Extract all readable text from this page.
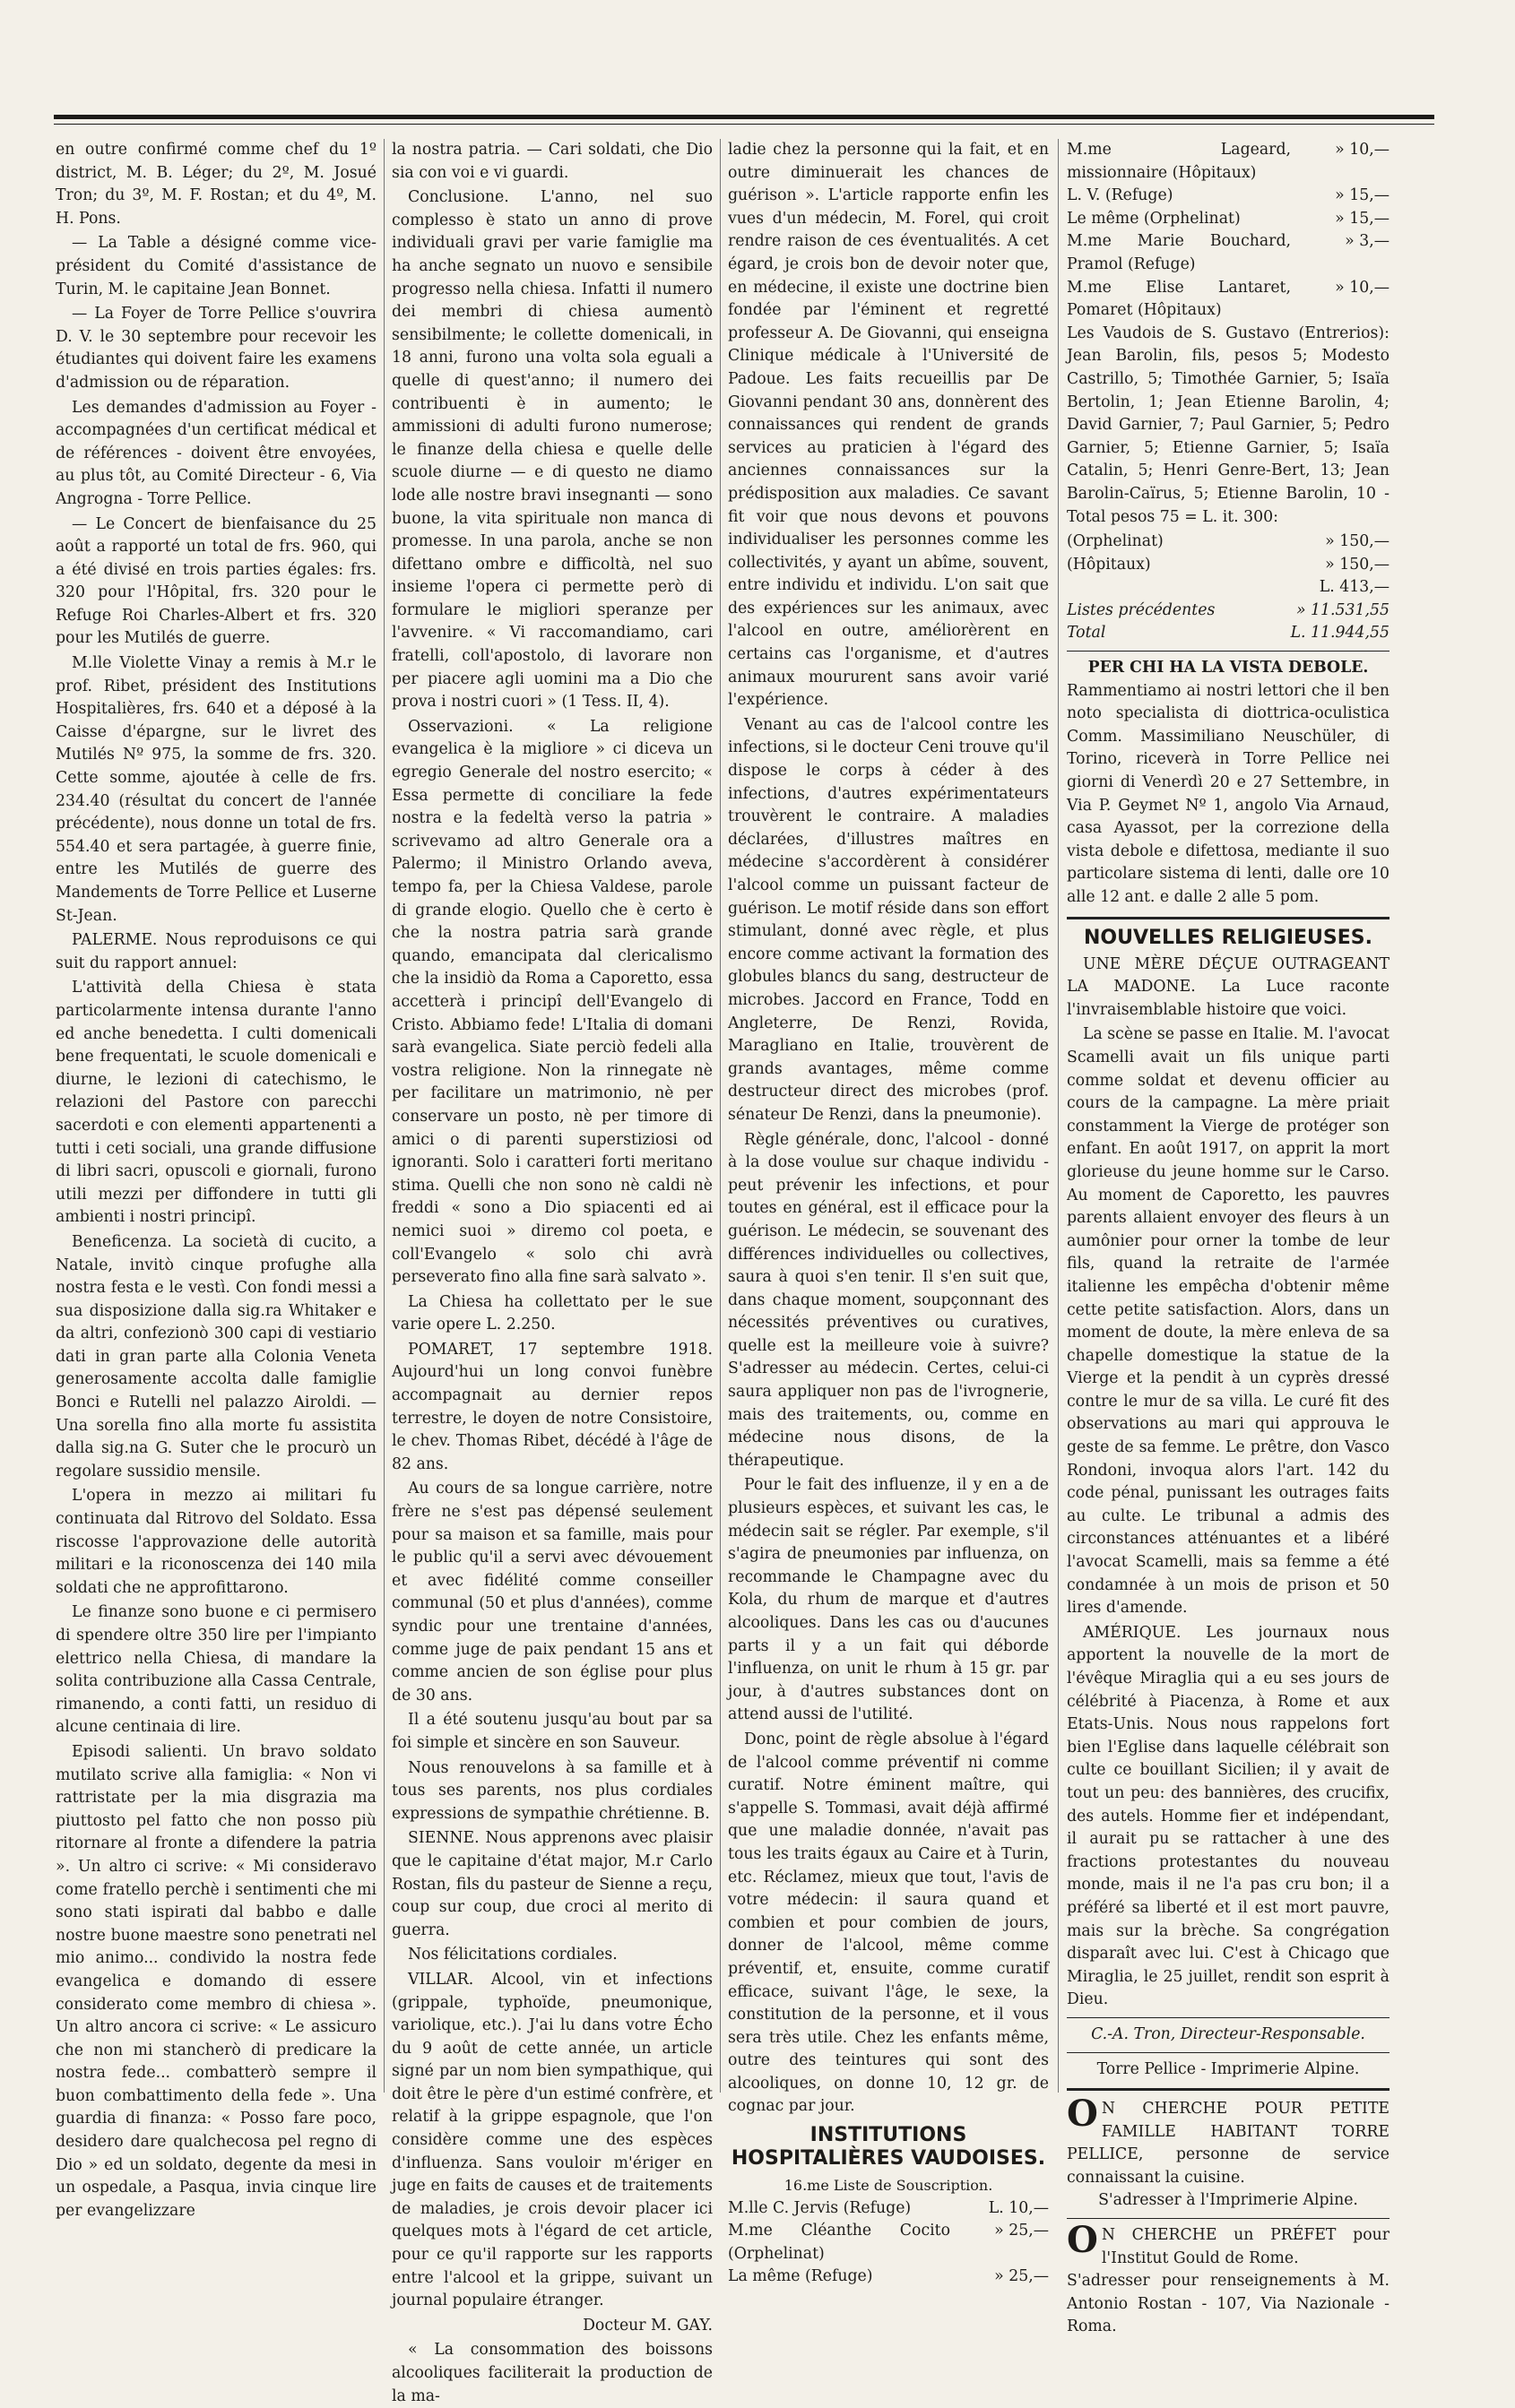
en outre confirmé comme chef du 1º district, M. B. Léger; du 2º, M. Josué Tron; du 3º, M. F. Rostan; et du 4º, M. H. Pons.

— La Table a désigné comme vice-président du Comité d'assistance de Turin, M. le capitaine Jean Bonnet.

— La Foyer de Torre Pellice s'ouvrira D. V. le 30 septembre pour recevoir les étudiantes qui doivent faire les examens d'admission ou de réparation.

Les demandes d'admission au Foyer - accompagnées d'un certificat médical et de références - doivent être envoyées, au plus tôt, au Comité Directeur - 6, Via Angrogna - Torre Pellice.

— Le Concert de bienfaisance du 25 août a rapporté un total de frs. 960, qui a été divisé en trois parties égales: frs. 320 pour l'Hôpital, frs. 320 pour le Refuge Roi Charles-Albert et frs. 320 pour les Mutilés de guerre.

M.lle Violette Vinay a remis à M.r le prof. Ribet, président des Institutions Hospitalières, frs. 640 et a déposé à la Caisse d'épargne, sur le livret des Mutilés Nº 975, la somme de frs. 320. Cette somme, ajoutée à celle de frs. 234.40 (résultat du concert de l'année précédente), nous donne un total de frs. 554.40 et sera partagée, à guerre finie, entre les Mutilés de guerre des Mandements de Torre Pellice et Luserne St-Jean.

PALERME. Nous reproduisons ce qui suit du rapport annuel:

L'attività della Chiesa è stata particolarmente intensa durante l'anno ed anche benedetta. I culti domenicali bene frequentati, le scuole domenicali e diurne, le lezioni di catechismo, le relazioni del Pastore con parecchi sacerdoti e con elementi appartenenti a tutti i ceti sociali, una grande diffusione di libri sacri, opuscoli e giornali, furono utili mezzi per diffondere in tutti gli ambienti i nostri principî.

Beneficenza. La società di cucito, a Natale, invitò cinque profughe alla nostra festa e le vestì. Con fondi messi a sua disposizione dalla sig.ra Whitaker e da altri, confezionò 300 capi di vestiario dati in gran parte alla Colonia Veneta generosamente accolta dalle famiglie Bonci e Rutelli nel palazzo Airoldi. — Una sorella fino alla morte fu assistita dalla sig.na G. Suter che le procurò un regolare sussidio mensile.

L'opera in mezzo ai militari fu continuata dal Ritrovo del Soldato. Essa riscosse l'approvazione delle autorità militari e la riconoscenza dei 140 mila soldati che ne approfittarono.

Le finanze sono buone e ci permisero di spendere oltre 350 lire per l'impianto elettrico nella Chiesa, di mandare la solita contribuzione alla Cassa Centrale, rimanendo, a conti fatti, un residuo di alcune centinaia di lire.

Episodi salienti. Un bravo soldato mutilato scrive alla famiglia: « Non vi rattristate per la mia disgrazia ma piuttosto pel fatto che non posso più ritornare al fronte a difendere la patria ». Un altro ci scrive: « Mi consideravo come fratello perchè i sentimenti che mi sono stati ispirati dal babbo e dalle nostre buone maestre sono penetrati nel mio animo... condivido la nostra fede evangelica e domando di essere considerato come membro di chiesa ». Un altro ancora ci scrive: « Le assicuro che non mi stancherò di predicare la nostra fede... combatterò sempre il buon combattimento della fede ». Una guardia di finanza: « Posso fare poco, desidero dare qualchecosa pel regno di Dio » ed un soldato, degente da mesi in un ospedale, a Pasqua, invia cinque lire per evangelizzare

la nostra patria. — Cari soldati, che Dio sia con voi e vi guardi.

Conclusione. L'anno, nel suo complesso è stato un anno di prove individuali gravi per varie famiglie ma ha anche segnato un nuovo e sensibile progresso nella chiesa. Infatti il numero dei membri di chiesa aumentò sensibilmente; le collette domenicali, in 18 anni, furono una volta sola eguali a quelle di quest'anno; il numero dei contribuenti è in aumento; le ammissioni di adulti furono numerose; le finanze della chiesa e quelle delle scuole diurne — e di questo ne diamo lode alle nostre bravi insegnanti — sono buone, la vita spirituale non manca di promesse. In una parola, anche se non difettano ombre e difficoltà, nel suo insieme l'opera ci permette però di formulare le migliori speranze per l'avvenire. « Vi raccomandiamo, cari fratelli, coll'apostolo, di lavorare non per piacere agli uomini ma a Dio che prova i nostri cuori » (1 Tess. II, 4).

Osservazioni. « La religione evangelica è la migliore » ci diceva un egregio Generale del nostro esercito; « Essa permette di conciliare la fede nostra e la fedeltà verso la patria » scrivevamo ad altro Generale ora a Palermo; il Ministro Orlando aveva, tempo fa, per la Chiesa Valdese, parole di grande elogio. Quello che è certo è che la nostra patria sarà grande quando, emancipata dal clericalismo che la insidiò da Roma a Caporetto, essa accetterà i principî dell'Evangelo di Cristo. Abbiamo fede! L'Italia di domani sarà evangelica. Siate perciò fedeli alla vostra religione. Non la rinnegate nè per facilitare un matrimonio, nè per conservare un posto, nè per timore di amici o di parenti superstiziosi od ignoranti. Solo i caratteri forti meritano stima. Quelli che non sono nè caldi nè freddi « sono a Dio spiacenti ed ai nemici suoi » diremo col poeta, e coll'Evangelo « solo chi avrà perseverato fino alla fine sarà salvato ».

La Chiesa ha collettato per le sue varie opere L. 2.250.

POMARET, 17 septembre 1918. Aujourd'hui un long convoi funèbre accompagnait au dernier repos terrestre, le doyen de notre Consistoire, le chev. Thomas Ribet, décédé à l'âge de 82 ans.

Au cours de sa longue carrière, notre frère ne s'est pas dépensé seulement pour sa maison et sa famille, mais pour le public qu'il a servi avec dévouement et avec fidélité comme conseiller communal (50 et plus d'années), comme syndic pour une trentaine d'années, comme juge de paix pendant 15 ans et comme ancien de son église pour plus de 30 ans.

Il a été soutenu jusqu'au bout par sa foi simple et sincère en son Sauveur.

Nous renouvelons à sa famille et à tous ses parents, nos plus cordiales expressions de sympathie chrétienne. B.

SIENNE. Nous apprenons avec plaisir que le capitaine d'état major, M.r Carlo Rostan, fils du pasteur de Sienne a reçu, coup sur coup, due croci al merito di guerra.

Nos félicitations cordiales.

VILLAR. Alcool, vin et infections (grippale, typhoïde, pneumonique, variolique, etc.). J'ai lu dans votre Écho du 9 août de cette année, un article signé par un nom bien sympathique, qui doit être le père d'un estimé confrère, et relatif à la grippe espagnole, que l'on considère comme une des espèces d'influenza. Sans vouloir m'ériger en juge en faits de causes et de traitements de maladies, je crois devoir placer ici quelques mots à l'égard de cet article, pour ce qu'il rapporte sur les rapports entre l'alcool et la grippe, suivant un journal populaire étranger.

Docteur M. GAY.

« La consommation des boissons alcooliques faciliterait la production de la ma-

ladie chez la personne qui la fait, et en outre diminuerait les chances de guérison ». L'article rapporte enfin les vues d'un médecin, M. Forel, qui croit rendre raison de ces éventualités. A cet égard, je crois bon de devoir noter que, en médecine, il existe une doctrine bien fondée par l'éminent et regretté professeur A. De Giovanni, qui enseigna Clinique médicale à l'Université de Padoue. Les faits recueillis par De Giovanni pendant 30 ans, donnèrent des connaissances qui rendent de grands services au praticien à l'égard des anciennes connaissances sur la prédisposition aux maladies. Ce savant fit voir que nous devons et pouvons individualiser les personnes comme les collectivités, y ayant un abîme, souvent, entre individu et individu. L'on sait que des expériences sur les animaux, avec l'alcool en outre, améliorèrent en certains cas l'organisme, et d'autres animaux moururent sans avoir varié l'expérience.

Venant au cas de l'alcool contre les infections, si le docteur Ceni trouve qu'il dispose le corps à céder à des infections, d'autres expérimentateurs trouvèrent le contraire. A maladies déclarées, d'illustres maîtres en médecine s'accordèrent à considérer l'alcool comme un puissant facteur de guérison. Le motif réside dans son effort stimulant, donné avec règle, et plus encore comme activant la formation des globules blancs du sang, destructeur de microbes. Jaccord en France, Todd en Angleterre, De Renzi, Rovida, Maragliano en Italie, trouvèrent de grands avantages, même comme destructeur direct des microbes (prof. sénateur De Renzi, dans la pneumonie).

Règle générale, donc, l'alcool - donné à la dose voulue sur chaque individu - peut prévenir les infections, et pour toutes en général, est il efficace pour la guérison. Le médecin, se souvenant des différences individuelles ou collectives, saura à quoi s'en tenir. Il s'en suit que, dans chaque moment, soupçonnant des nécessités préventives ou curatives, quelle est la meilleure voie à suivre? S'adresser au médecin. Certes, celui-ci saura appliquer non pas de l'ivrognerie, mais des traitements, ou, comme en médecine nous disons, de la thérapeutique.

Pour le fait des influenze, il y en a de plusieurs espèces, et suivant les cas, le médecin sait se régler. Par exemple, s'il s'agira de pneumonies par influenza, on recommande le Champagne avec du Kola, du rhum de marque et d'autres alcooliques. Dans les cas ou d'aucunes parts il y a un fait qui déborde l'influenza, on unit le rhum à 15 gr. par jour, à d'autres substances dont on attend aussi de l'utilité.

Donc, point de règle absolue à l'égard de l'alcool comme préventif ni comme curatif. Notre éminent maître, qui s'appelle S. Tommasi, avait déjà affirmé que une maladie donnée, n'avait pas tous les traits égaux au Caire et à Turin, etc. Réclamez, mieux que tout, l'avis de votre médecin: il saura quand et combien et pour combien de jours, donner de l'alcool, même comme préventif, et, ensuite, comme curatif efficace, suivant l'âge, le sexe, la constitution de la personne, et il vous sera très utile. Chez les enfants même, outre des teintures qui sont des alcooliques, on donne 10, 12 gr. de cognac par jour.

INSTITUTIONS HOSPITALIÈRES VAUDOISES.
16.me Liste de Souscription.
M.lle C. Jervis (Refuge)	L. 10,—
M.me Cléanthe Cocito (Orphelinat)
» 25,—
La même (Refuge)	» 25,—
M.me Lageard, missionnaire (Hôpitaux)
» 10,—
L. V. (Refuge)	» 15,—
Le même (Orphelinat)	» 15,—
M.me Marie Bouchard, Pramol (Refuge)
» 3,—
M.me Elise Lantaret, Pomaret (Hôpitaux)
» 10,—

Les Vaudois de S. Gustavo (Entrerios): Jean Barolin, fils, pesos 5; Modesto Castrillo, 5; Timothée Garnier, 5; Isaïa Bertolin, 1; Jean Etienne Barolin, 4; David Garnier, 7; Paul Garnier, 5; Pedro Garnier, 5; Etienne Garnier, 5; Isaïa Catalin, 5; Henri Genre-Bert, 13; Jean Barolin-Caïrus, 5; Etienne Barolin, 10 - Total pesos 75 = L. it. 300:

(Orphelinat)	» 150,—
(Hôpitaux)	» 150,—
L. 413,—
Listes précédentes	» 11.531,55
Total	L. 11.944,55
PER CHI HA LA VISTA DEBOLE.

Rammentiamo ai nostri lettori che il ben noto specialista di diottrica-oculistica Comm. Massimiliano Neuschüler, di Torino, riceverà in Torre Pellice nei giorni di Venerdì 20 e 27 Settembre, in Via P. Geymet Nº 1, angolo Via Arnaud, casa Ayassot, per la correzione della vista debole e difettosa, mediante il suo particolare sistema di lenti, dalle ore 10 alle 12 ant. e dalle 2 alle 5 pom.

NOUVELLES RELIGIEUSES.

UNE MÈRE DÉÇUE OUTRAGEANT LA MADONE. La Luce raconte l'invraisemblable histoire que voici.

La scène se passe en Italie. M. l'avocat Scamelli avait un fils unique parti comme soldat et devenu officier au cours de la campagne. La mère priait constamment la Vierge de protéger son enfant. En août 1917, on apprit la mort glorieuse du jeune homme sur le Carso. Au moment de Caporetto, les pauvres parents allaient envoyer des fleurs à un aumônier pour orner la tombe de leur fils, quand la retraite de l'armée italienne les empêcha d'obtenir même cette petite satisfaction. Alors, dans un moment de doute, la mère enleva de sa chapelle domestique la statue de la Vierge et la pendit à un cyprès dressé contre le mur de sa villa. Le curé fit des observations au mari qui approuva le geste de sa femme. Le prêtre, don Vasco Rondoni, invoqua alors l'art. 142 du code pénal, punissant les outrages faits au culte. Le tribunal a admis des circonstances atténuantes et a libéré l'avocat Scamelli, mais sa femme a été condamnée à un mois de prison et 50 lires d'amende.

AMÉRIQUE. Les journaux nous apportent la nouvelle de la mort de l'évêque Miraglia qui a eu ses jours de célébrité à Piacenza, à Rome et aux Etats-Unis. Nous nous rappelons fort bien l'Eglise dans laquelle célébrait son culte ce bouillant Sicilien; il y avait de tout un peu: des bannières, des crucifix, des autels. Homme fier et indépendant, il aurait pu se rattacher à une des fractions protestantes du nouveau monde, mais il ne l'a pas cru bon; il a préféré sa liberté et il est mort pauvre, mais sur la brèche. Sa congrégation disparaît avec lui. C'est à Chicago que Miraglia, le 25 juillet, rendit son esprit à Dieu.

C.-A. Tron, Directeur-Responsable.
Torre Pellice - Imprimerie Alpine.
O N CHERCHE POUR PETITE FAMILLE HABITANT TORRE PELLICE, personne de service connaissant la cuisine.
S'adresser à l'Imprimerie Alpine.
O N CHERCHE un PRÉFET pour l'Institut Gould de Rome.
S'adresser pour renseignements à M. Antonio Rostan - 107, Via Nazionale - Roma.
